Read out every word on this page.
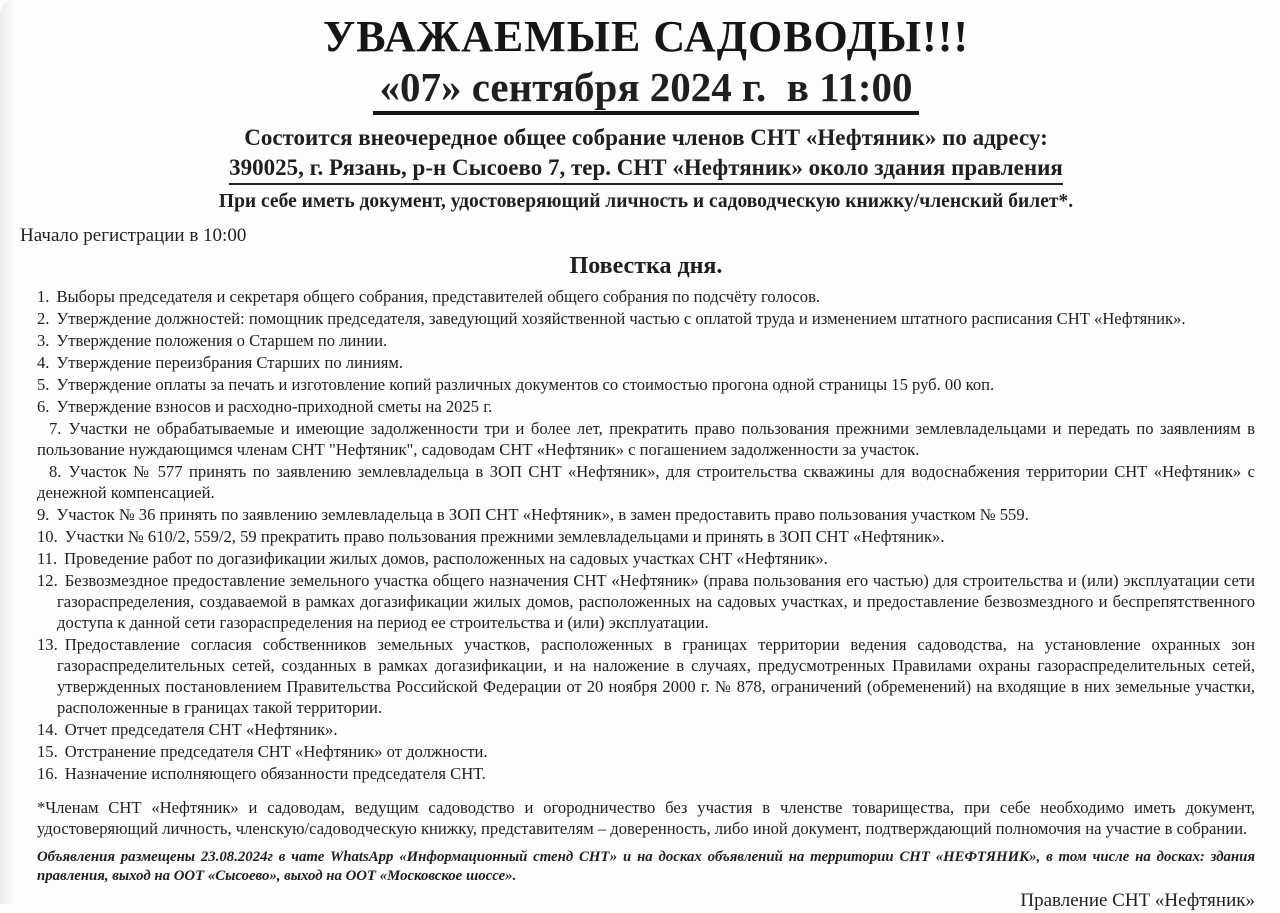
УВАЖАЕМЫЕ САДОВОДЫ!!!
«07» сентября 2024 г.  в 11:00
Состоится внеочередное общее собрание членов СНТ «Нефтяник» по адресу:
390025, г. Рязань, р-н Сысоево 7, тер. СНТ «Нефтяник» около здания правления
При себе иметь документ, удостоверяющий личность и садоводческую книжку/членский билет*.
Начало регистрации в 10:00
Повестка дня.
1. Выборы председателя и секретаря общего собрания, представителей общего собрания по подсчёту голосов.
2. Утверждение должностей: помощник председателя, заведующий хозяйственной частью с оплатой труда и изменением штатного расписания СНТ «Нефтяник».
3. Утверждение положения о Старшем по линии.
4. Утверждение переизбрания Старших по линиям.
5. Утверждение оплаты за печать и изготовление копий различных документов со стоимостью прогона одной страницы 15 руб. 00 коп.
6. Утверждение взносов и расходно-приходной сметы на 2025 г.
7. Участки не обрабатываемые и имеющие задолженности три и более лет, прекратить право пользования прежними землевладельцами и передать по заявлениям в пользование нуждающимся членам СНТ "Нефтяник", садоводам СНТ «Нефтяник» с погашением задолженности за участок.
8. Участок № 577 принять по заявлению землевладельца в ЗОП СНТ «Нефтяник», для строительства скважины для водоснабжения территории СНТ «Нефтяник» с денежной компенсацией.
9. Участок № 36 принять по заявлению землевладельца в ЗОП СНТ «Нефтяник», в замен предоставить право пользования участком № 559.
10. Участки № 610/2, 559/2, 59 прекратить право пользования прежними землевладельцами и принять в ЗОП СНТ «Нефтяник».
11. Проведение работ по догазификации жилых домов, расположенных на садовых участках СНТ «Нефтяник».
12. Безвозмездное предоставление земельного участка общего назначения СНТ «Нефтяник» (права пользования его частью) для строительства и (или) эксплуатации сети газораспределения, создаваемой в рамках догазификации жилых домов, расположенных на садовых участках, и предоставление безвозмездного и беспрепятственного доступа к данной сети газораспределения на период ее строительства и (или) эксплуатации.
13. Предоставление согласия собственников земельных участков, расположенных в границах территории ведения садоводства, на установление охранных зон газораспределительных сетей, созданных в рамках догазификации, и на наложение в случаях, предусмотренных Правилами охраны газораспределительных сетей, утвержденных постановлением Правительства Российской Федерации от 20 ноября 2000 г. № 878, ограничений (обременений) на входящие в них земельные участки, расположенные в границах такой территории.
14. Отчет председателя СНТ «Нефтяник».
15. Отстранение председателя СНТ «Нефтяник» от должности.
16. Назначение исполняющего обязанности председателя СНТ.

*Членам СНТ «Нефтяник» и садоводам, ведущим садоводство и огородничество без участия в членстве товарищества, при себе необходимо иметь документ, удостоверяющий личность, членскую/садоводческую книжку, представителям – доверенность, либо иной документ, подтверждающий полномочия на участие в собрании.

Объявления размещены 23.08.2024г в чате WhatsApp «Информационный стенд СНТ» и на досках объявлений на территории СНТ «НЕФТЯНИК», в том числе на досках: здания правления, выход на ООТ «Сысоево», выход на ООТ «Московское шоссе».

Правление СНТ «Нефтяник»
